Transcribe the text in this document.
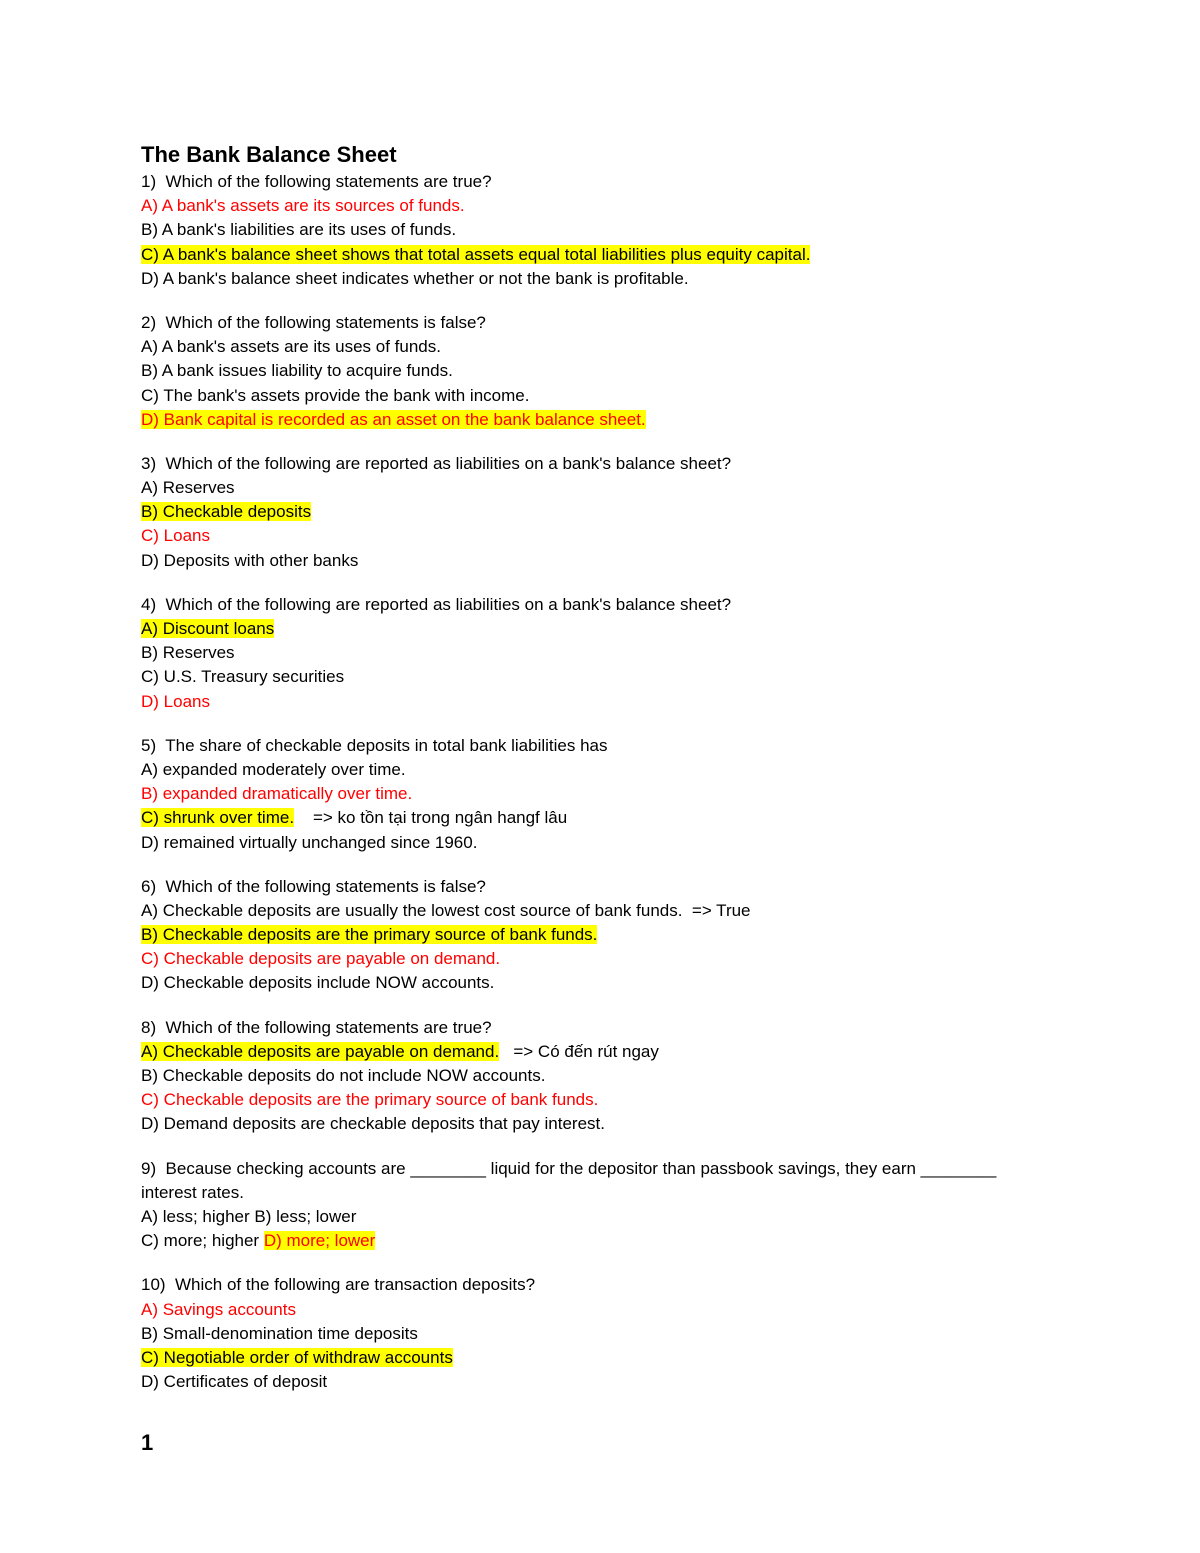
The Bank Balance Sheet
1)  Which of the following statements are true?
A) A bank's assets are its sources of funds.
B) A bank's liabilities are its uses of funds.
C) A bank's balance sheet shows that total assets equal total liabilities plus equity capital.
D) A bank's balance sheet indicates whether or not the bank is profitable.
2)  Which of the following statements is false?
A) A bank's assets are its uses of funds.
B) A bank issues liability to acquire funds.
C) The bank's assets provide the bank with income.
D) Bank capital is recorded as an asset on the bank balance sheet.
3)  Which of the following are reported as liabilities on a bank's balance sheet?
A) Reserves
B) Checkable deposits
C) Loans
D) Deposits with other banks
4)  Which of the following are reported as liabilities on a bank's balance sheet?
A) Discount loans
B) Reserves
C) U.S. Treasury securities
D) Loans
5)  The share of checkable deposits in total bank liabilities has
A) expanded moderately over time.
B) expanded dramatically over time.
C) shrunk over time.    => ko tồn tại trong ngân hangf lâu
D) remained virtually unchanged since 1960.
6)  Which of the following statements is false?
A) Checkable deposits are usually the lowest cost source of bank funds.  => True
B) Checkable deposits are the primary source of bank funds.
C) Checkable deposits are payable on demand.
D) Checkable deposits include NOW accounts.
8)  Which of the following statements are true?
A) Checkable deposits are payable on demand.   => Có đến rút ngay
B) Checkable deposits do not include NOW accounts.
C) Checkable deposits are the primary source of bank funds.
D) Demand deposits are checkable deposits that pay interest.
9)  Because checking accounts are ________ liquid for the depositor than passbook savings, they earn ________
interest rates.
A) less; higher B) less; lower
C) more; higher D) more; lower
10)  Which of the following are transaction deposits?
A) Savings accounts
B) Small-denomination time deposits
C) Negotiable order of withdraw accounts
D) Certificates of deposit
1
